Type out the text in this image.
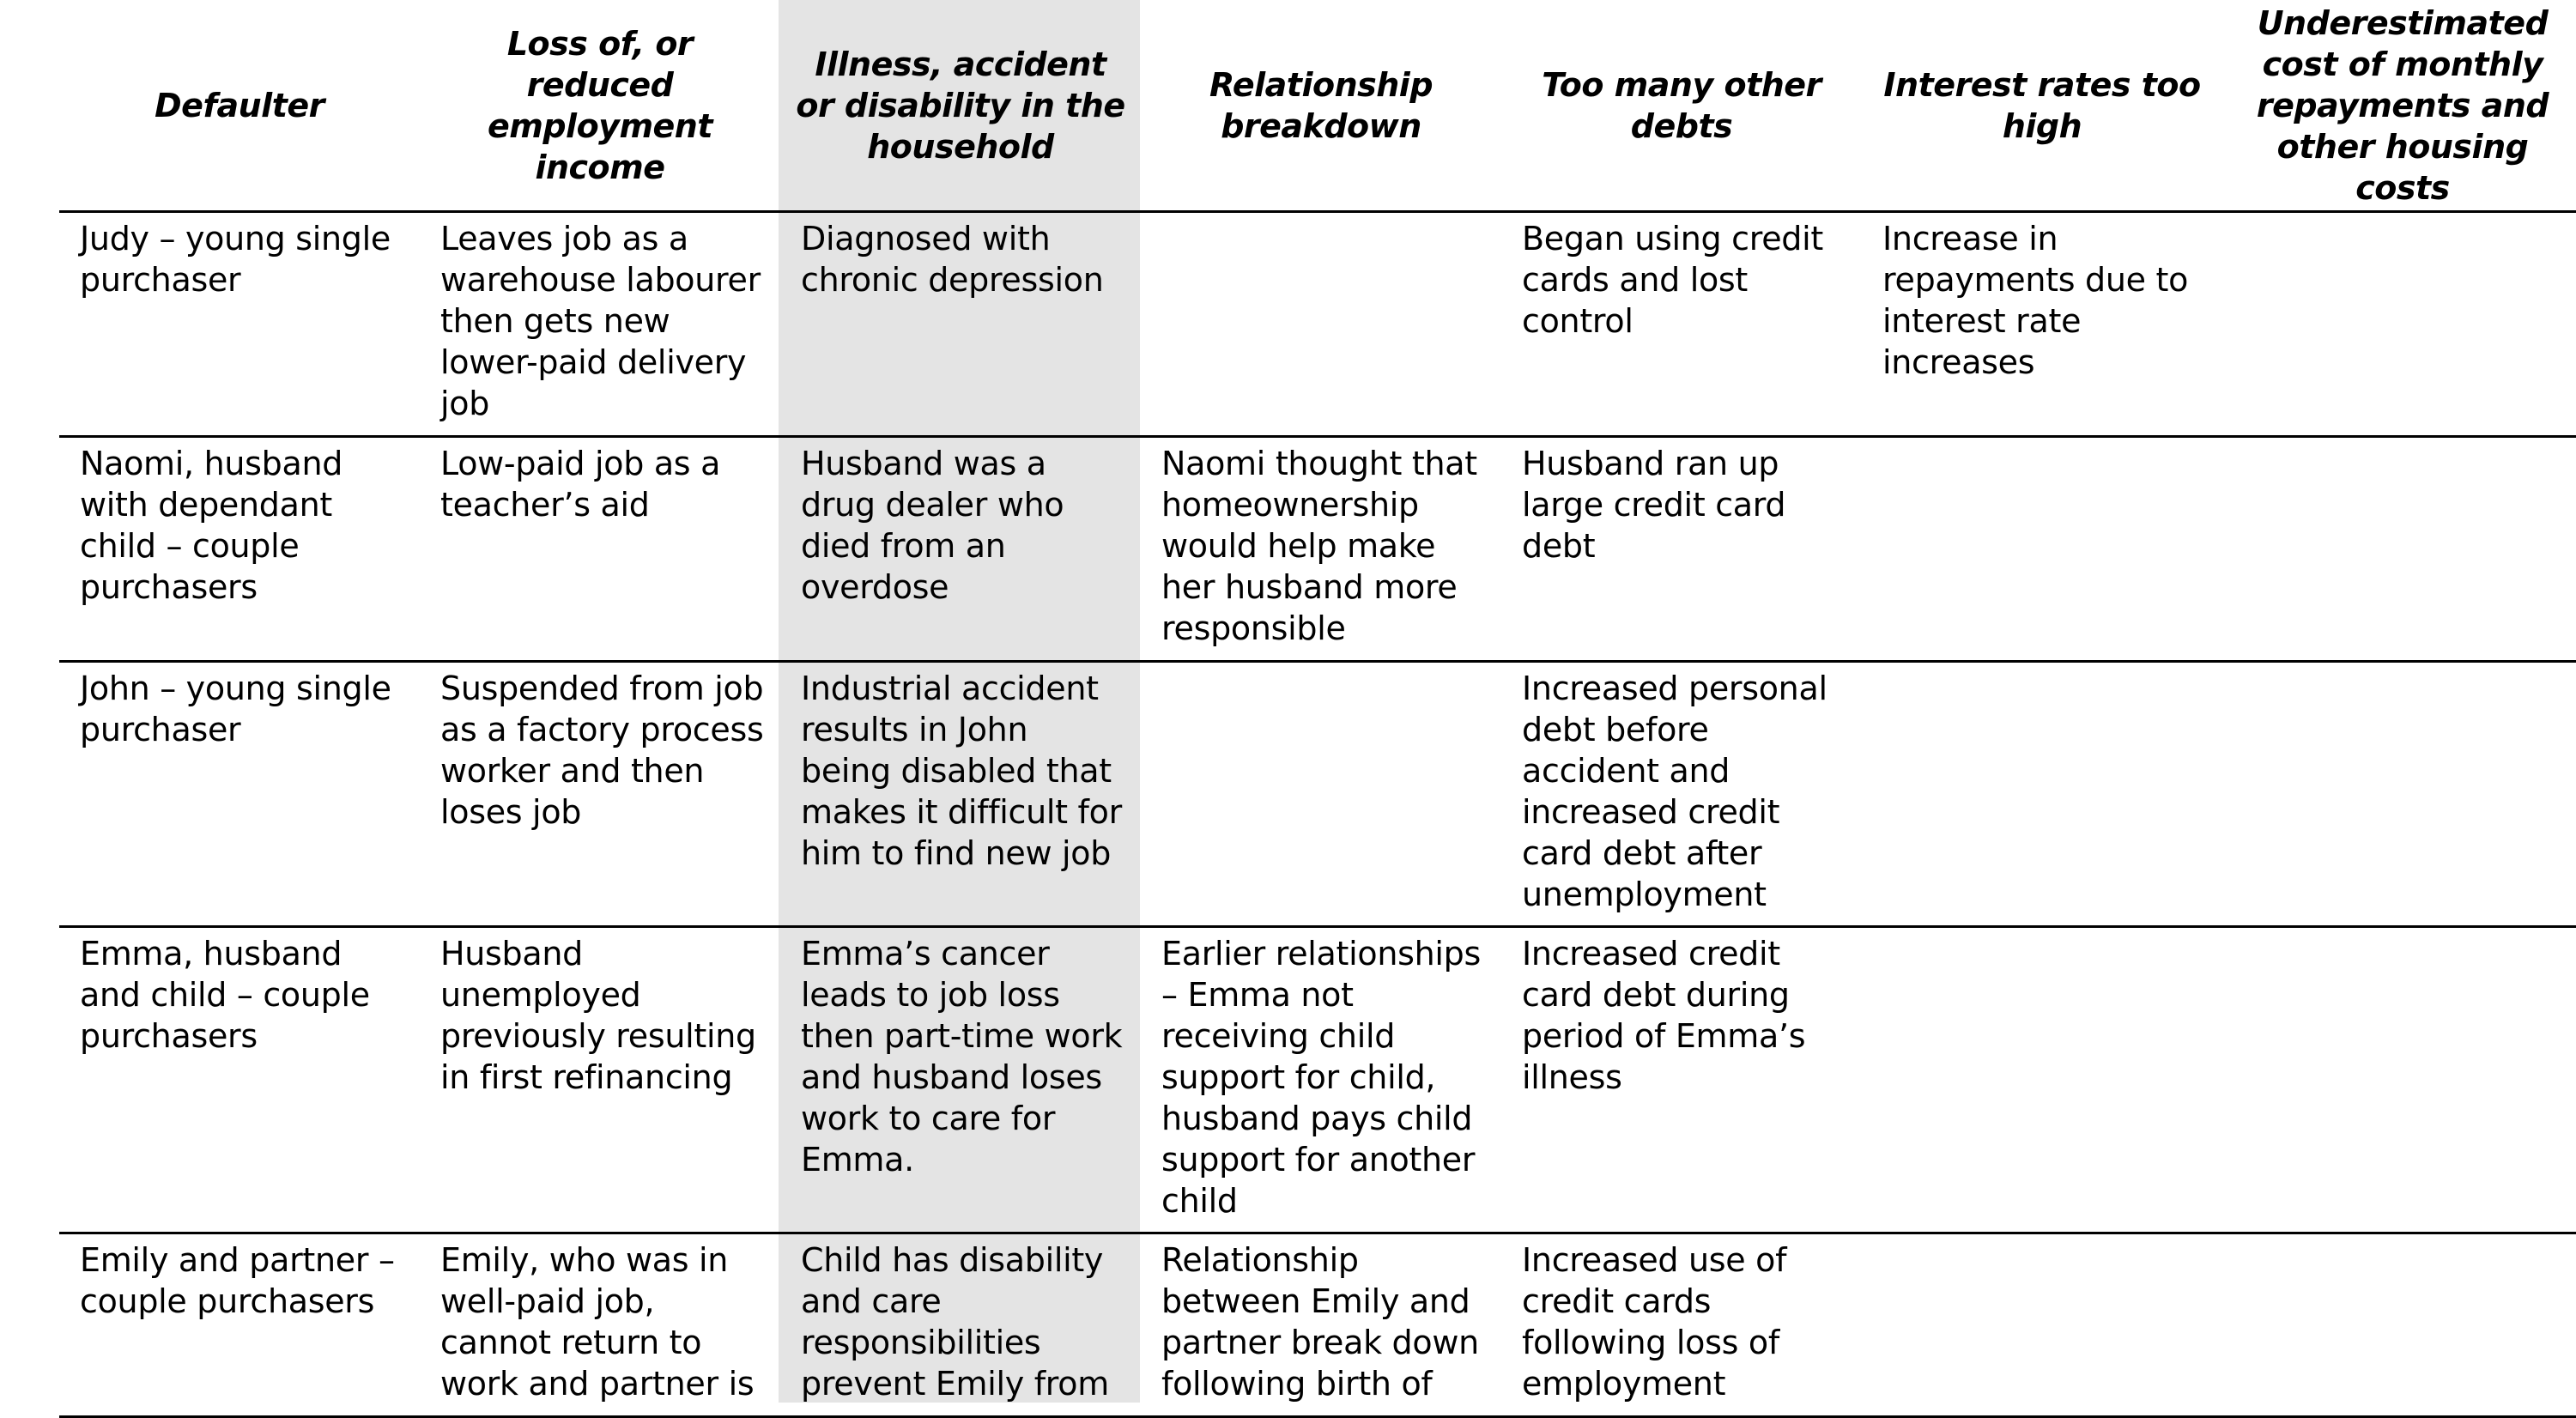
Defaulter	Loss of, or reduced employment income	Illness, accident or disability in the household	Relationship breakdown	Too many other debts	Interest rates too high	Underestimated cost of monthly repayments and other housing costs
Judy – young single purchaser	Leaves job as a warehouse labourer then gets new lower-paid delivery job	Diagnosed with chronic depression		Began using credit cards and lost control	Increase in repayments due to interest rate increases	
Naomi, husband with dependant child – couple purchasers	Low-paid job as a teacher’s aid	Husband was a drug dealer who died from an overdose	Naomi thought that homeownership would help make her husband more responsible	Husband ran up large credit card debt		
John – young single purchaser	Suspended from job as a factory process worker and then loses job	Industrial accident results in John being disabled that makes it difficult for him to find new job		Increased personal debt before accident and increased credit card debt after unemployment		
Emma, husband and child – couple purchasers	Husband unemployed previously resulting in first refinancing	Emma’s cancer leads to job loss then part-time work and husband loses work to care for Emma.	Earlier relationships – Emma not receiving child support for child, husband pays child support for another child	Increased credit card debt during period of Emma’s illness		
Emily and partner – couple purchasers	Emily, who was in well-paid job, cannot return to work and partner is	Child has disability and care responsibilities prevent Emily from	Relationship between Emily and partner break down following birth of	Increased use of credit cards following loss of employment		
